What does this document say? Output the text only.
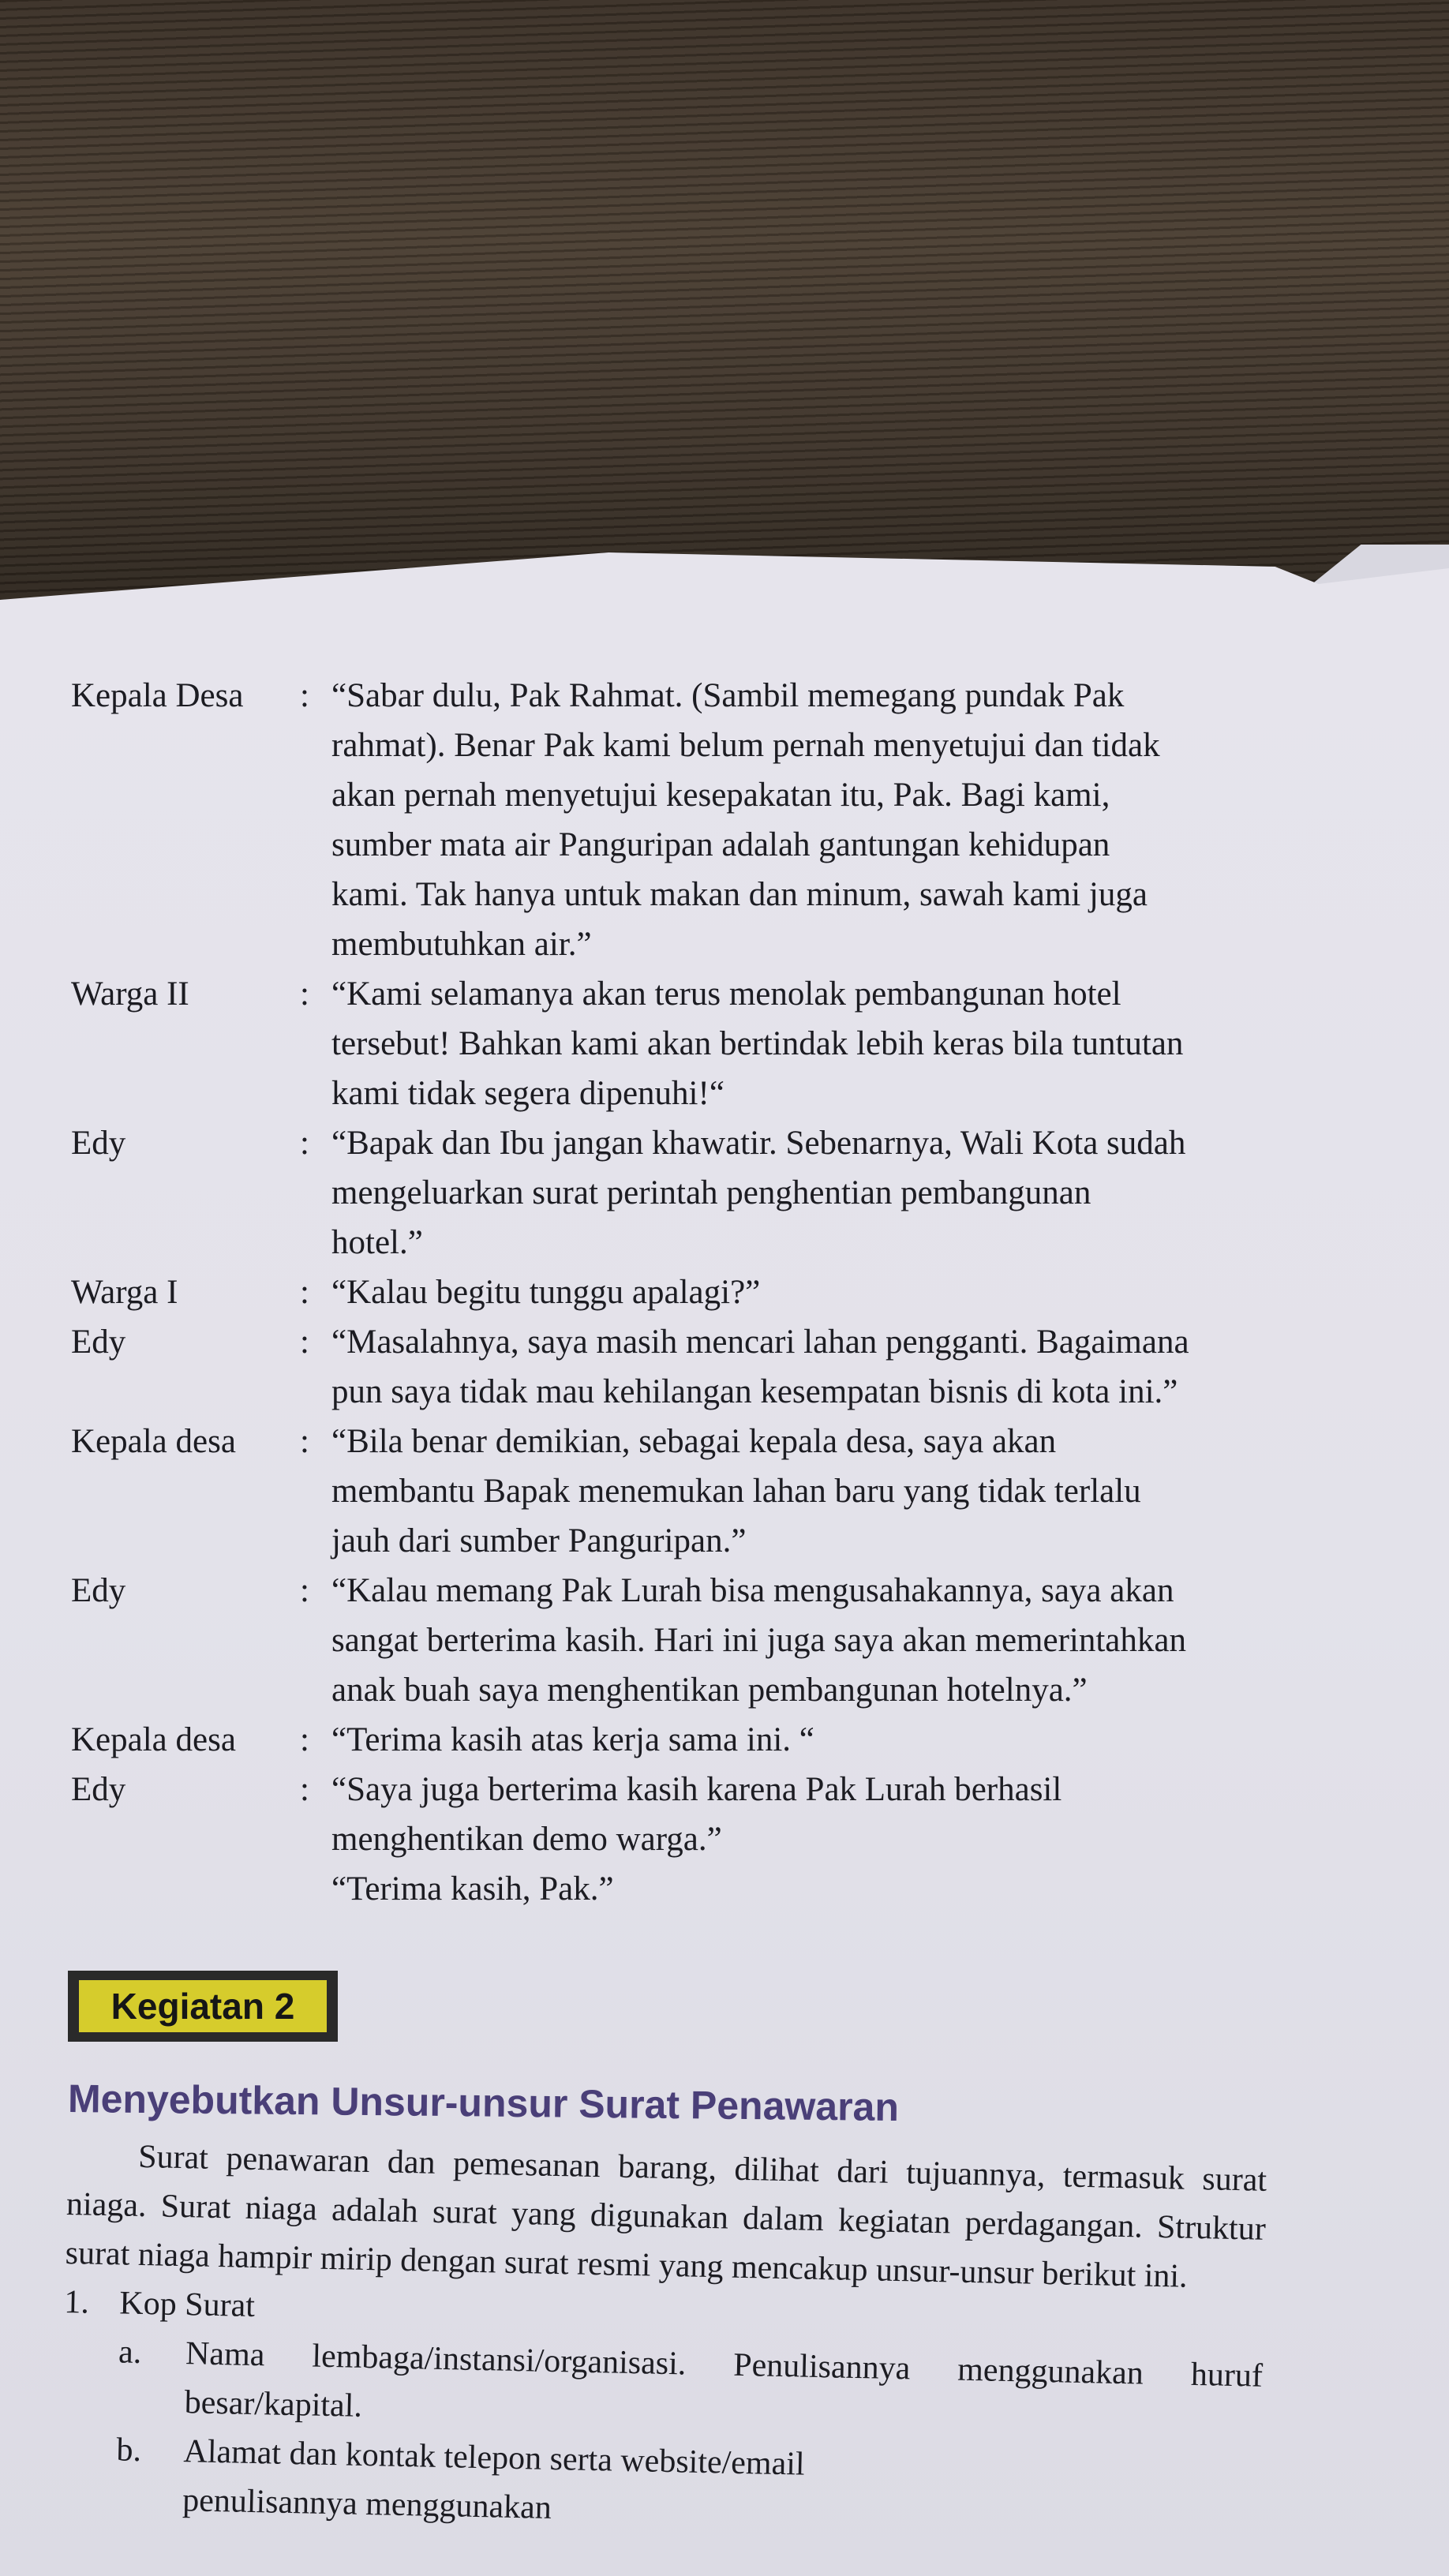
Kepala Desa	: “Sabar dulu, Pak Rahmat. (Sambil memegang pundak Pak
rahmat). Benar Pak kami belum pernah menyetujui dan tidak
akan pernah menyetujui kesepakatan itu, Pak. Bagi kami,
sumber mata air Panguripan adalah gantungan kehidupan
kami. Tak hanya untuk makan dan minum, sawah kami juga
membutuhkan air.”
Warga II	: “Kami selamanya akan terus menolak pembangunan hotel
tersebut! Bahkan kami akan bertindak lebih keras bila tuntutan
kami tidak segera dipenuhi!“
Edy	: “Bapak dan Ibu jangan khawatir. Sebenarnya, Wali Kota sudah
mengeluarkan surat perintah penghentian pembangunan
hotel.”
Warga I	: “Kalau begitu tunggu apalagi?”
Edy	: “Masalahnya, saya masih mencari lahan pengganti. Bagaimana
pun saya tidak mau kehilangan kesempatan bisnis di kota ini.”
Kepala desa	: “Bila benar demikian, sebagai kepala desa, saya akan
membantu Bapak menemukan lahan baru yang tidak terlalu
jauh dari sumber Panguripan.”
Edy	: “Kalau memang Pak Lurah bisa mengusahakannya, saya akan
sangat berterima kasih. Hari ini juga saya akan memerintahkan
anak buah saya menghentikan pembangunan hotelnya.”
Kepala desa	: “Terima kasih atas kerja sama ini. “
Edy	: “Saya juga berterima kasih karena Pak Lurah berhasil
menghentikan demo warga.”
“Terima kasih, Pak.”
Kegiatan 2
Menyebutkan Unsur-unsur Surat Penawaran

Surat penawaran dan pemesanan barang, dilihat dari tujuannya, termasuk surat niaga. Surat niaga adalah surat yang digunakan dalam kegiatan perdagangan. Struktur surat niaga hampir mirip dengan surat resmi yang mencakup unsur-unsur berikut ini.

1. Kop Surat
a.	Nama lembaga/instansi/organisasi. Penulisannya menggunakan huruf besar/kapital.
b.	Alamat dan kontak telepon serta website/email
penulisannya menggunakan
